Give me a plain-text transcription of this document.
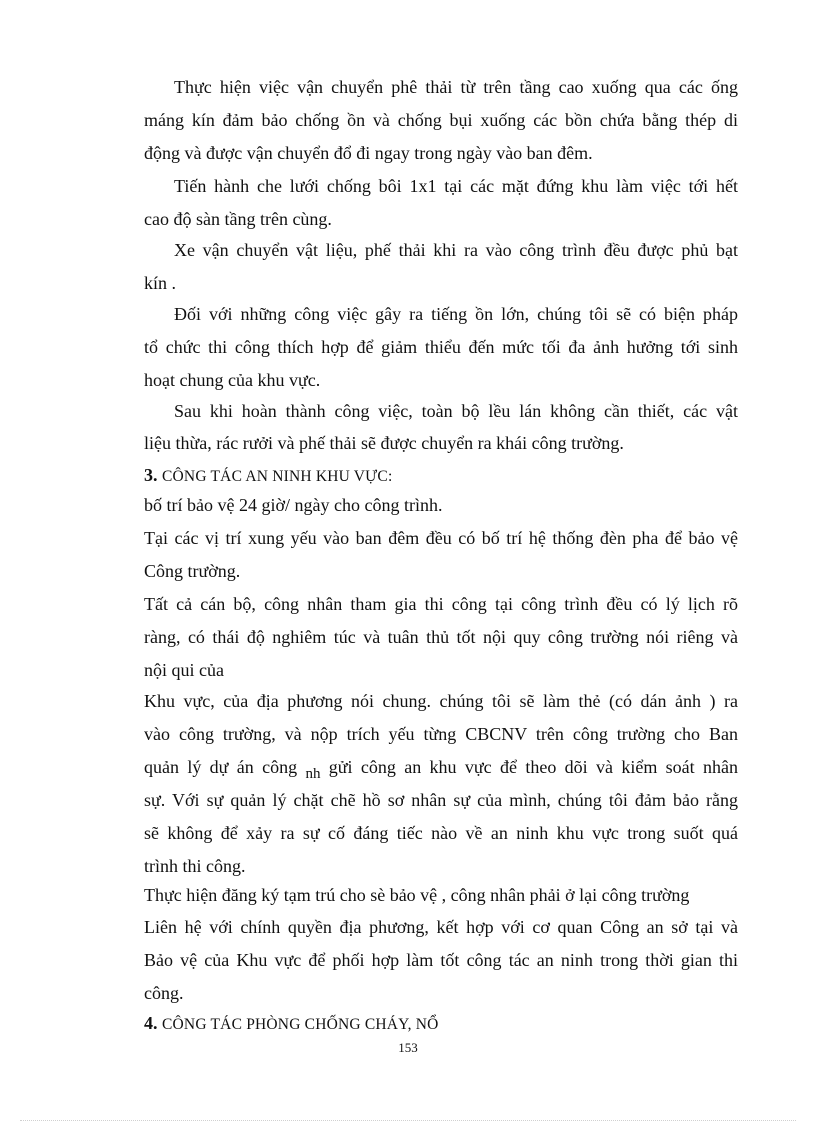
Thực hiện việc vận chuyển phê thải từ trên tầng cao xuống qua các ống
máng kín đảm bảo chống ồn và chống bụi xuống các bồn chứa bằng thép di
động và được vận chuyển đổ đi ngay trong ngày vào ban đêm.
Tiến hành che lưới chống bôi 1x1 tại các mặt đứng khu làm việc tới hết
cao độ sàn tầng trên cùng.
Xe vận chuyển vật liệu, phế thải khi ra vào công trình đều được phủ bạt
kín .
Đối với những công việc gây ra tiếng ồn lớn, chúng tôi sẽ có biện pháp
tổ chức thi công thích hợp để giảm thiểu đến mức tối đa ảnh hưởng tới sinh
hoạt chung của khu vực.
Sau khi hoàn thành công việc, toàn bộ lều lán không cần thiết, các vật
liệu thừa, rác rưởi và phế thải sẽ được chuyển ra khái công trường.
3. CÔNG TÁC AN NINH KHU VỰC:
bố trí bảo vệ 24 giờ/ ngày cho công trình.
Tại các vị trí xung yếu vào ban đêm đều có bố trí hệ thống đèn pha để bảo vệ
Công trường.
Tất cả cán bộ, công nhân tham gia thi công tại công trình đều có lý lịch rõ
ràng, có thái độ nghiêm túc và tuân thủ tốt nội quy công trường nói riêng và
nội qui của
Khu vực, của địa phương nói chung. chúng tôi sẽ làm thẻ (có dán ảnh ) ra
vào công trường, và nộp trích yếu từng CBCNV trên công trường cho Ban
quản lý dự án công $_{nh}$ gửi công an khu vực để theo dõi và kiểm soát nhân
sự. Với sự quản lý chặt chẽ hồ sơ nhân sự của mình, chúng tôi đảm bảo rằng
sẽ không để xảy ra sự cố đáng tiếc nào về an ninh khu vực trong suốt quá
trình thi công.
Thực hiện đăng ký tạm trú cho sè bảo vệ , công nhân phải ở lại công trường
Liên hệ với chính quyền địa phương, kết hợp với cơ quan Công an sở tại và
Bảo vệ của Khu vực để phối hợp làm tốt công tác an ninh trong thời gian thi
công.
4. CÔNG TÁC PHÒNG CHỐNG CHÁY, NỔ
153
